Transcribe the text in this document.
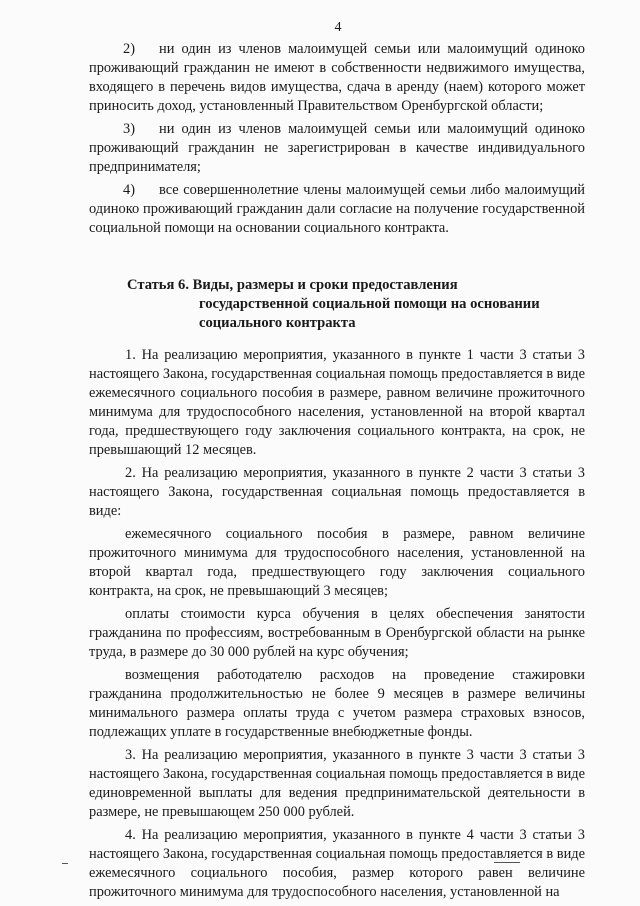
4

2) ни один из членов малоимущей семьи или малоимущий одиноко проживающий гражданин не имеют в собственности недвижимого имущества, входящего в перечень видов имущества, сдача в аренду (наем) которого может приносить доход, установленный Правительством Оренбургской области;

3) ни один из членов малоимущей семьи или малоимущий одиноко проживающий гражданин не зарегистрирован в качестве индивидуального предпринимателя;

4) все совершеннолетние члены малоимущей семьи либо малоимущий одиноко проживающий гражданин дали согласие на получение государственной социальной помощи на основании социального контракта.

Статья 6. Виды, размеры и сроки предоставления
государственной социальной помощи на основании
социального контракта

1. На реализацию мероприятия, указанного в пункте 1 части 3 статьи 3 настоящего Закона, государственная социальная помощь предоставляется в виде ежемесячного социального пособия в размере, равном величине прожиточного минимума для трудоспособного населения, установленной на второй квартал года, предшествующего году заключения социального контракта, на срок, не превышающий 12 месяцев.

2. На реализацию мероприятия, указанного в пункте 2 части 3 статьи 3 настоящего Закона, государственная социальная помощь предоставляется в виде:

ежемесячного социального пособия в размере, равном величине прожиточного минимума для трудоспособного населения, установленной на второй квартал года, предшествующего году заключения социального контракта, на срок, не превышающий 3 месяцев;

оплаты стоимости курса обучения в целях обеспечения занятости гражданина по профессиям, востребованным в Оренбургской области на рынке труда, в размере до 30 000 рублей на курс обучения;

возмещения работодателю расходов на проведение стажировки гражданина продолжительностью не более 9 месяцев в размере величины минимального размера оплаты труда с учетом размера страховых взносов, подлежащих уплате в государственные внебюджетные фонды.

3. На реализацию мероприятия, указанного в пункте 3 части 3 статьи 3 настоящего Закона, государственная социальная помощь предоставляется в виде единовременной выплаты для ведения предпринимательской деятельности в размере, не превышающем 250 000 рублей.

4. На реализацию мероприятия, указанного в пункте 4 части 3 статьи 3 настоящего Закона, государственная социальная помощь предоставляется в виде ежемесячного социального пособия, размер которого равен величине прожиточного минимума для трудоспособного населения, установленной на
